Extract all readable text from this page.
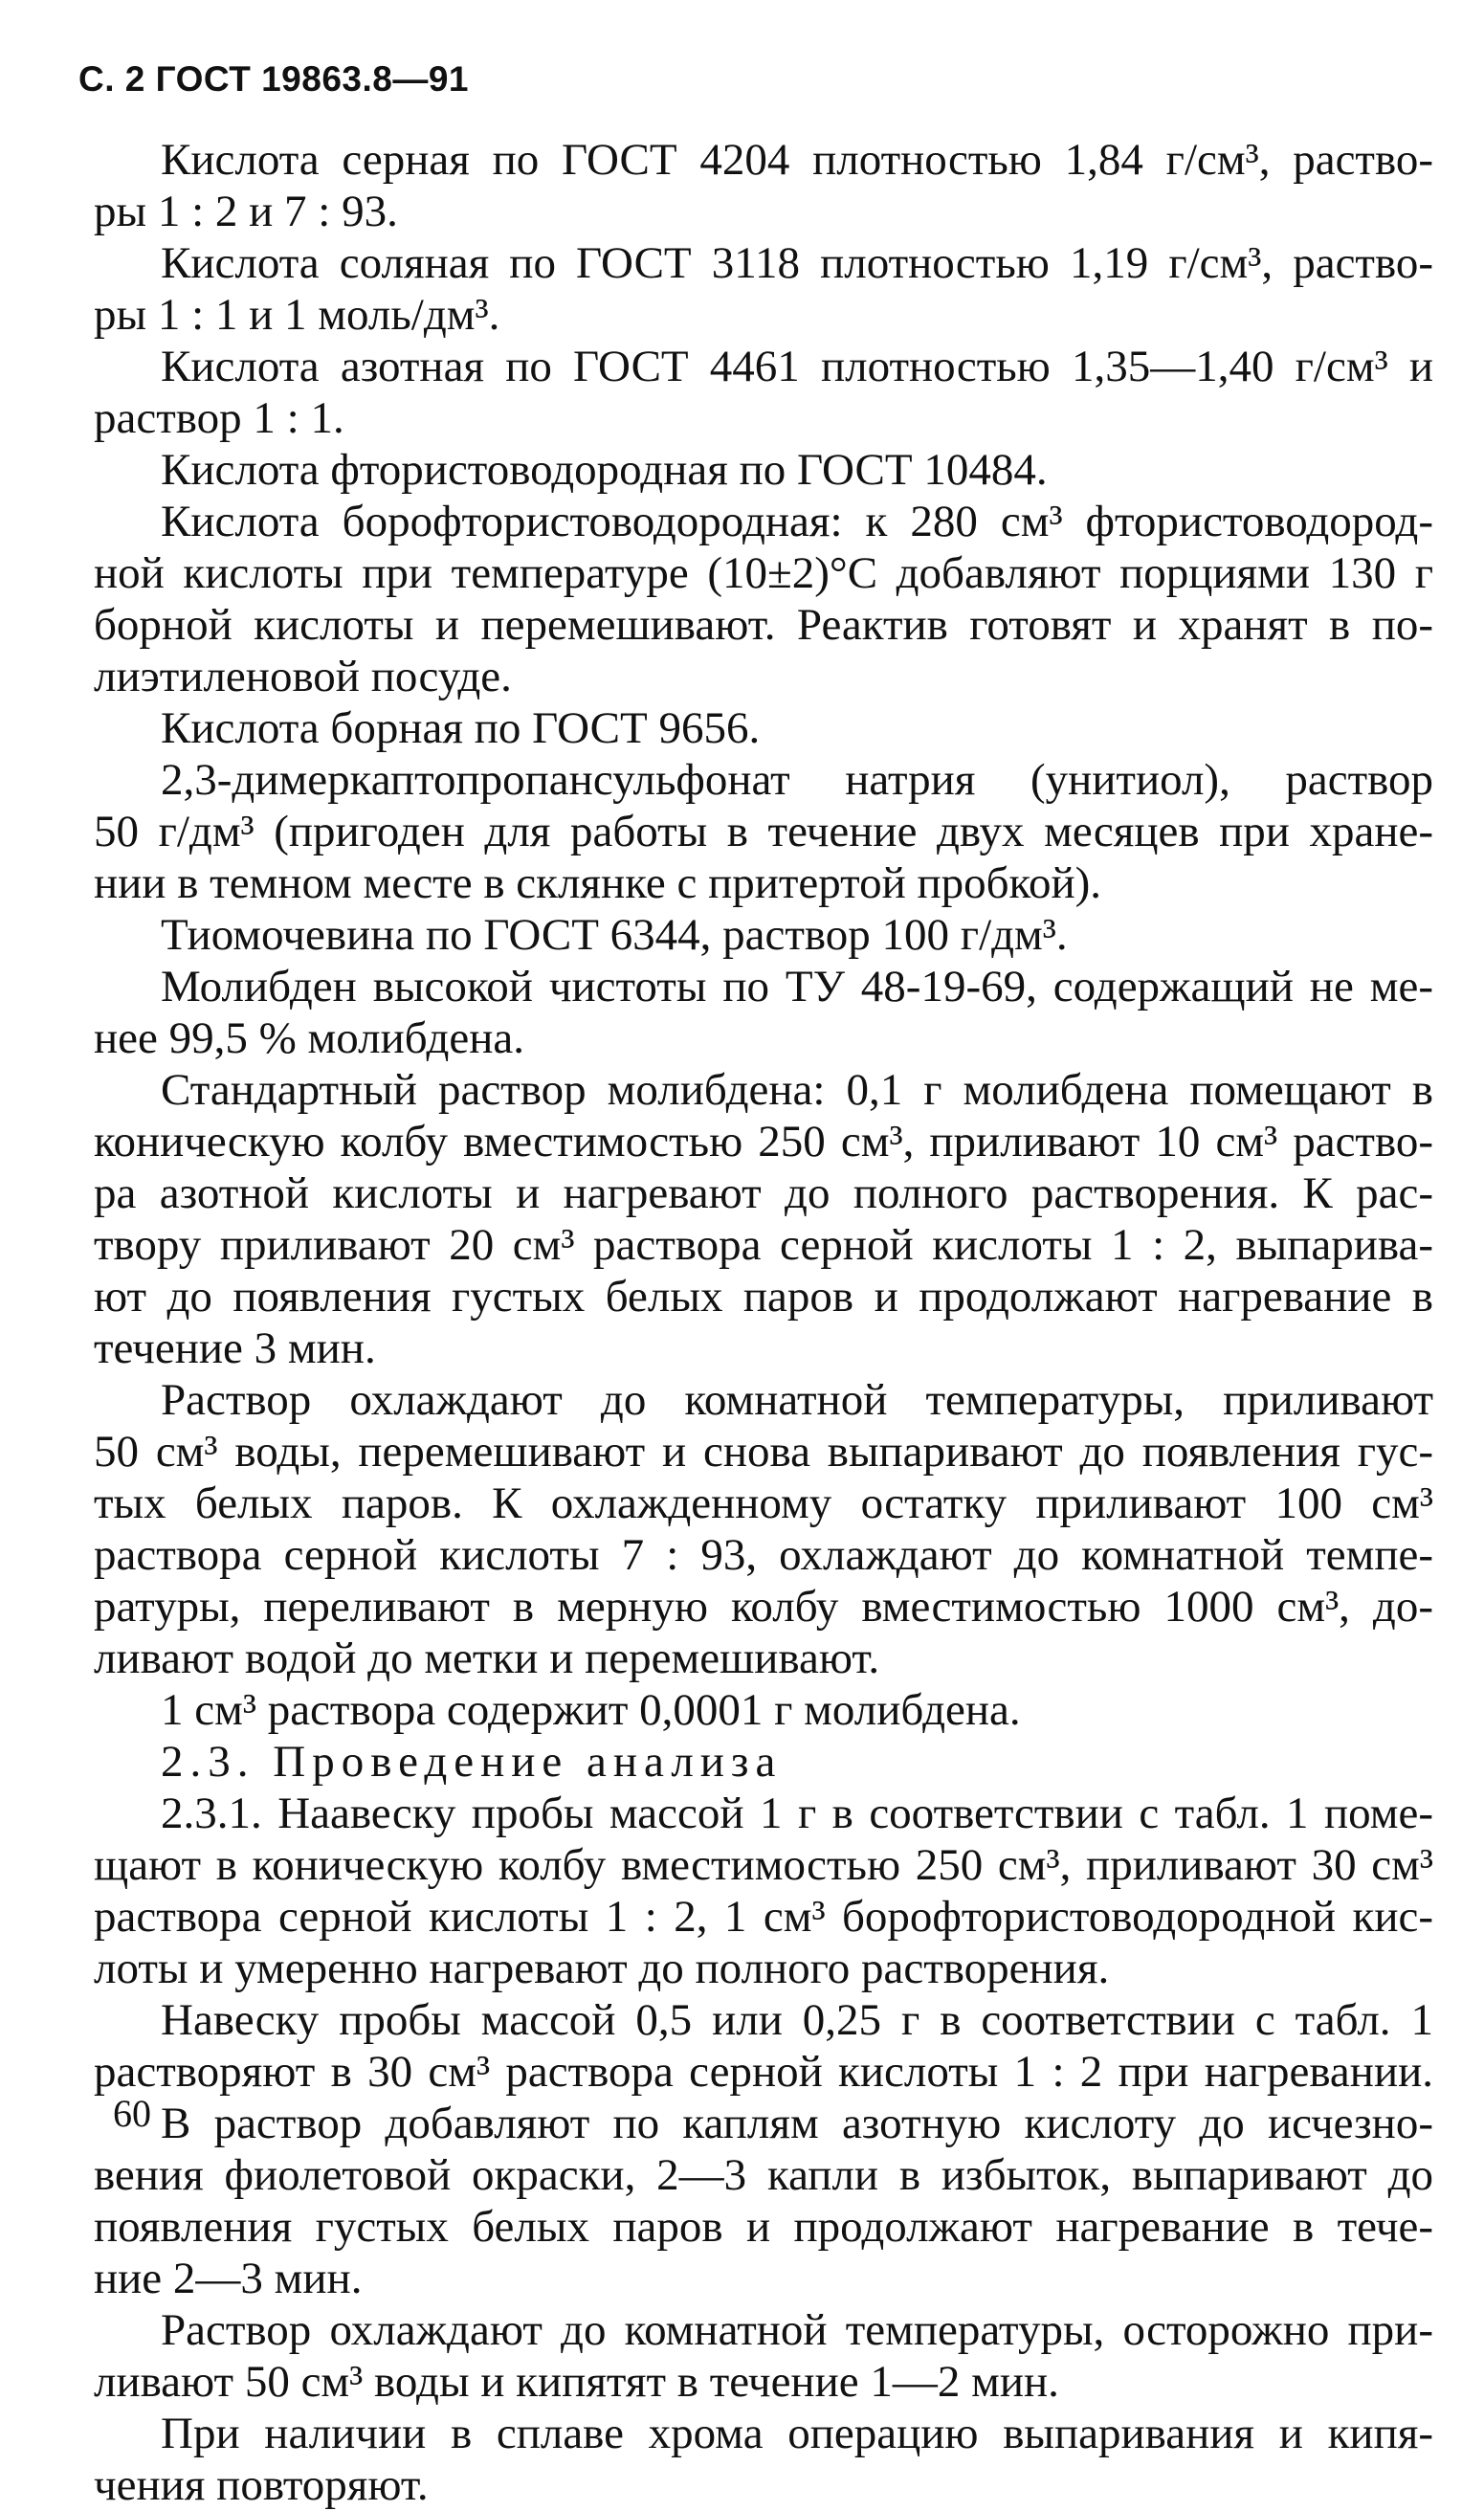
С. 2 ГОСТ 19863.8—91
Кислота серная по ГОСТ 4204 плотностью 1,84 г/см³, раство-
ры 1 : 2 и 7 : 93.
Кислота соляная по ГОСТ 3118 плотностью 1,19 г/см³, раство-
ры 1 : 1 и 1 моль/дм³.
Кислота азотная по ГОСТ 4461 плотностью 1,35—1,40 г/см³ и
раствор 1 : 1.
Кислота фтористоводородная по ГОСТ 10484.
Кислота борофтористоводородная: к 280 см³ фтористоводород-
ной кислоты при температуре (10±2)°С добавляют порциями 130 г
борной кислоты и перемешивают. Реактив готовят и хранят в по-
лиэтиленовой посуде.
Кислота борная по ГОСТ 9656.
2,3-димеркаптопропансульфонат натрия (унитиол), раствор
50 г/дм³ (пригоден для работы в течение двух месяцев при хране-
нии в темном месте в склянке с притертой пробкой).
Тиомочевина по ГОСТ 6344, раствор 100 г/дм³.
Молибден высокой чистоты по ТУ 48-19-69, содержащий не ме-
нее 99,5 % молибдена.
Стандартный раствор молибдена: 0,1 г молибдена помещают в
коническую колбу вместимостью 250 см³, приливают 10 см³ раство-
ра азотной кислоты и нагревают до полного растворения. К рас-
твору приливают 20 см³ раствора серной кислоты 1 : 2, выпарива-
ют до появления густых белых паров и продолжают нагревание в
течение 3 мин.
Раствор охлаждают до комнатной температуры, приливают
50 см³ воды, перемешивают и снова выпаривают до появления гус-
тых белых паров. К охлажденному остатку приливают 100 см³
раствора серной кислоты 7 : 93, охлаждают до комнатной темпе-
ратуры, переливают в мерную колбу вместимостью 1000 см³, до-
ливают водой до метки и перемешивают.
1 см³ раствора содержит 0,0001 г молибдена.
2.3. Проведение анализа
2.3.1. Наавеску пробы массой 1 г в соответствии с табл. 1 поме-
щают в коническую колбу вместимостью 250 см³, приливают 30 см³
раствора серной кислоты 1 : 2, 1 см³ борофтористоводородной кис-
лоты и умеренно нагревают до полного растворения.
Навеску пробы массой 0,5 или 0,25 г в соответствии с табл. 1
растворяют в 30 см³ раствора серной кислоты 1 : 2 при нагревании.
В раствор добавляют по каплям азотную кислоту до исчезно-
вения фиолетовой окраски, 2—3 капли в избыток, выпаривают до
появления густых белых паров и продолжают нагревание в тече-
ние 2—3 мин.
Раствор охлаждают до комнатной температуры, осторожно при-
ливают 50 см³ воды и кипятят в течение 1—2 мин.
При наличии в сплаве хрома операцию выпаривания и кипя-
чения повторяют.
60
